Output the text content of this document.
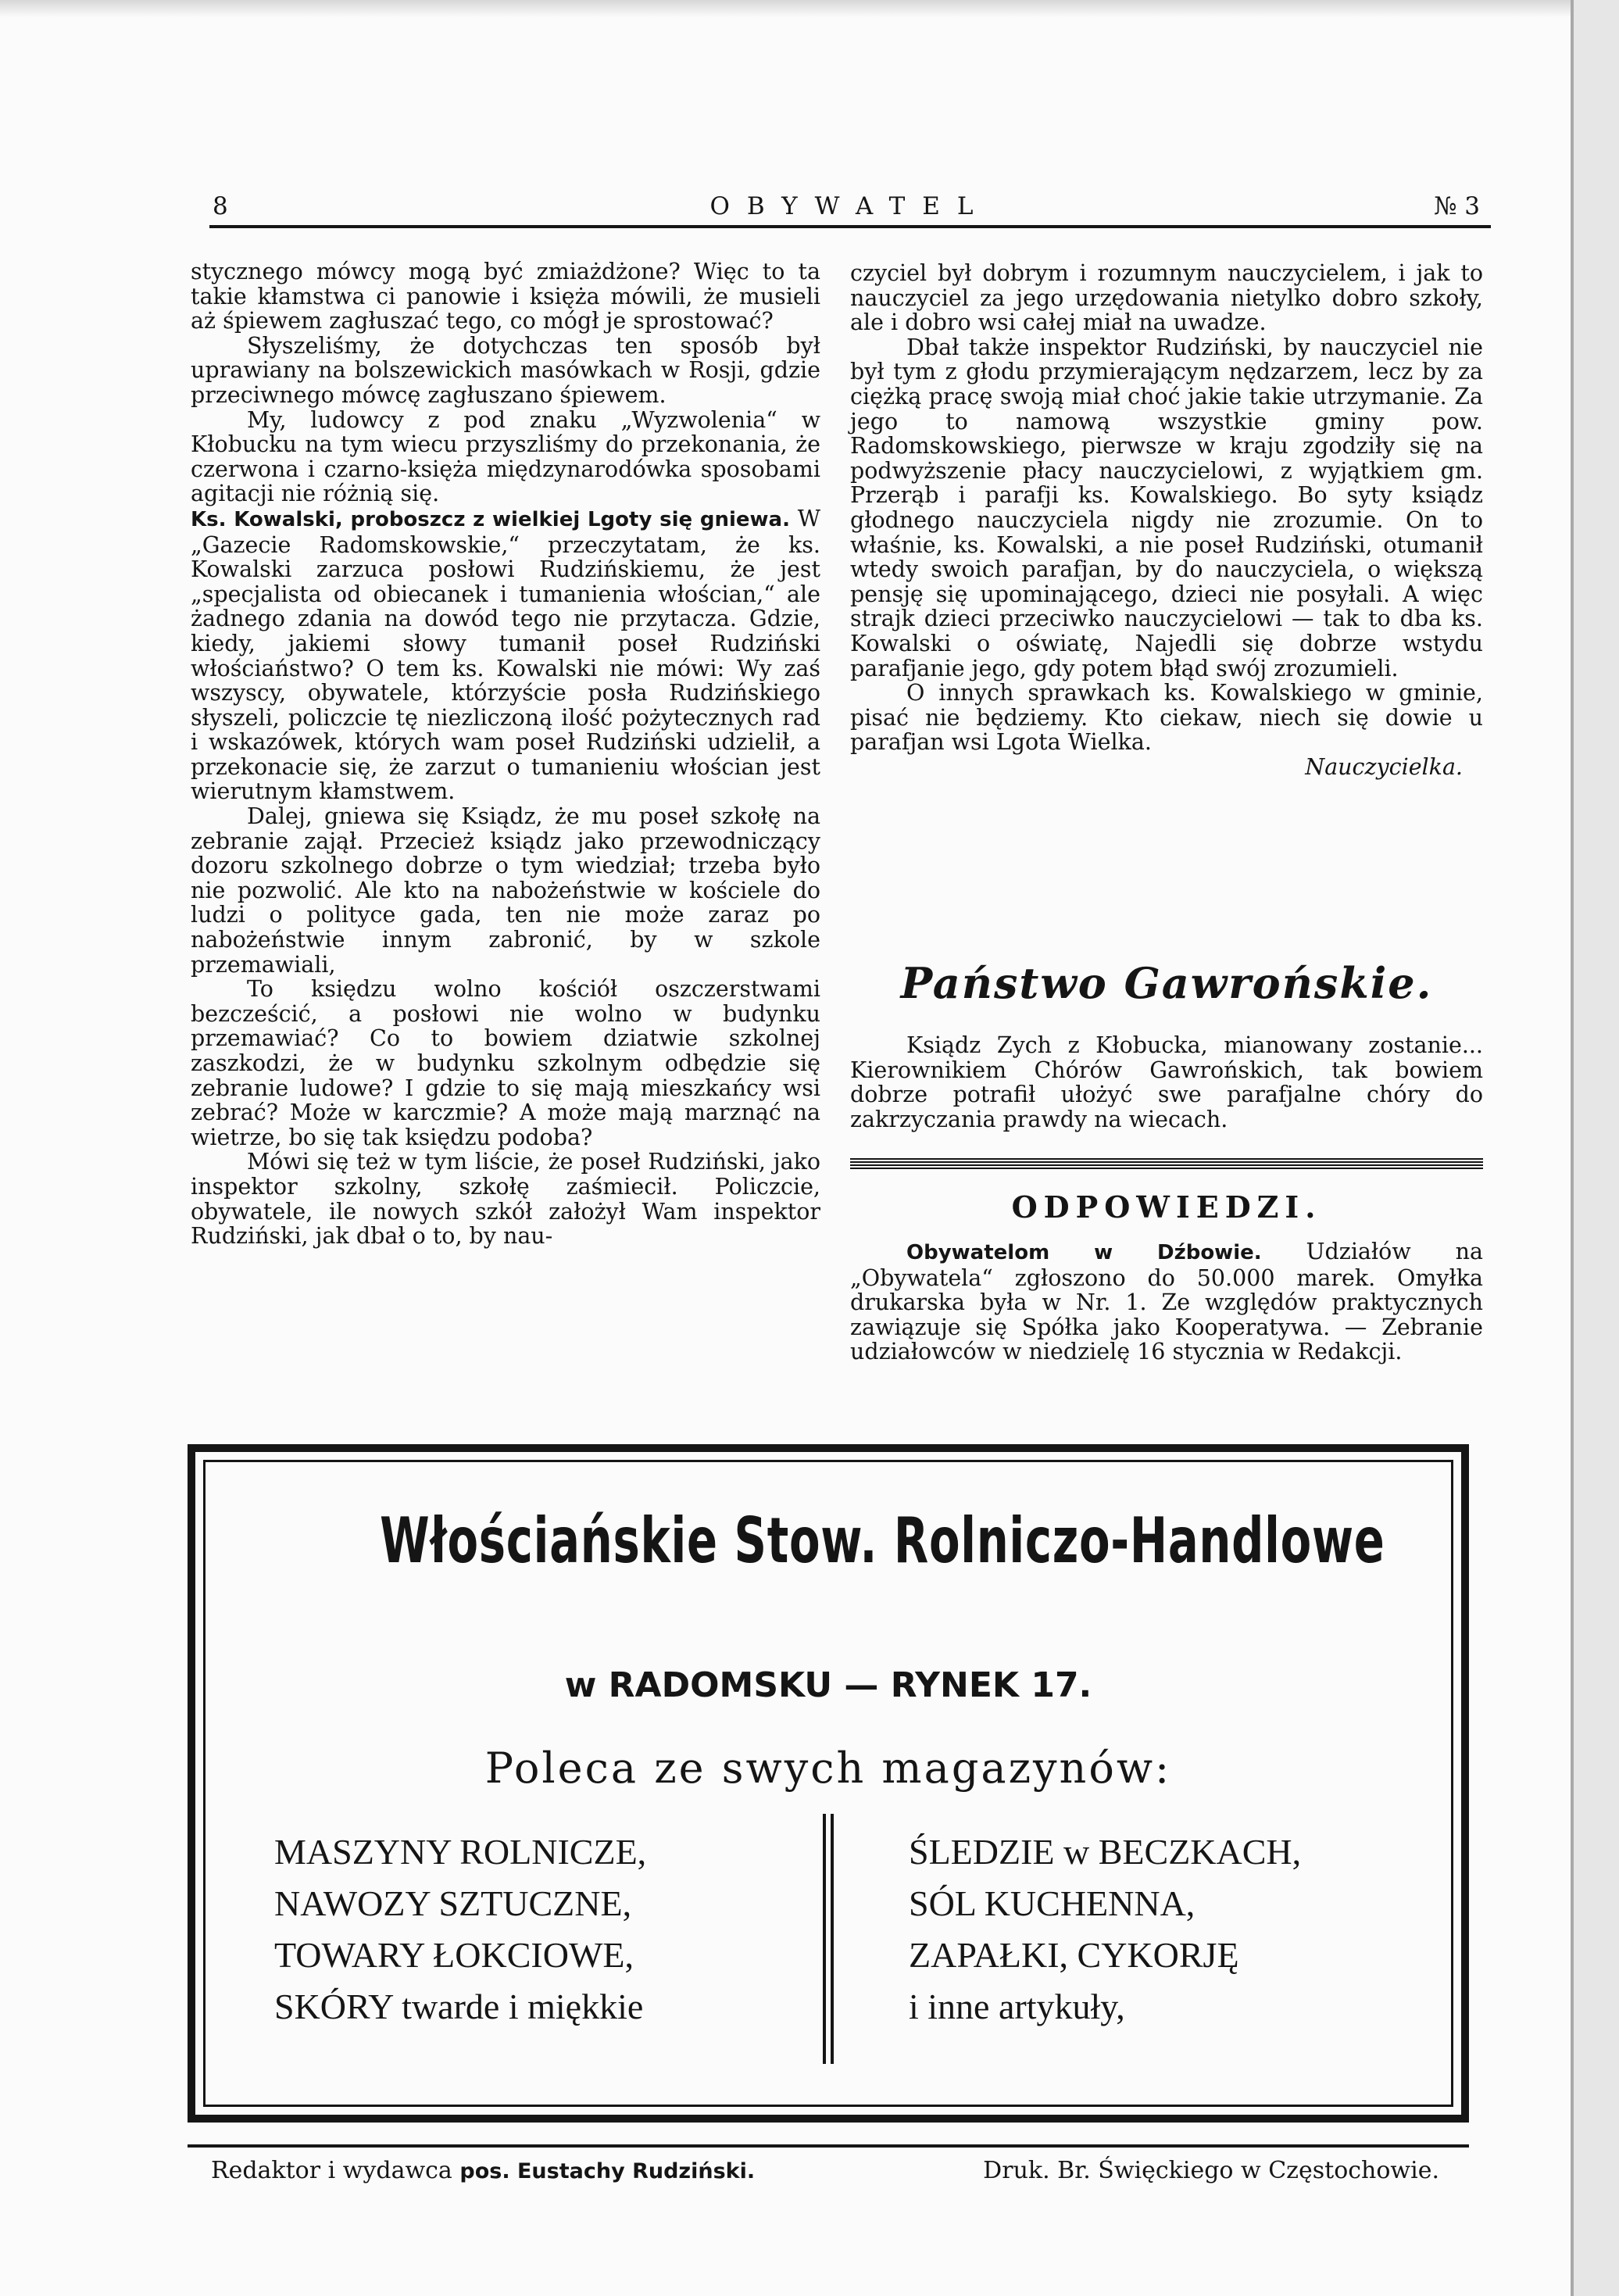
8	OBYWATEL	№ 3

stycznego mówcy mogą być zmiażdżone? Więc to ta takie kłamstwa ci panowie i księża mówili, że musieli aż śpiewem zagłuszać tego, co mógł je sprostować?

Słyszeliśmy, że dotychczas ten sposób był uprawiany na bolszewickich masówkach w Rosji, gdzie przeciwnego mówcę zagłuszano śpiewem.

My, ludowcy z pod znaku „Wyzwolenia“ w Kłobucku na tym wiecu przyszliśmy do przekonania, że czerwona i czarno-księża międzynarodówka sposobami agitacji nie różnią się.

Ks. Kowalski, proboszcz z wielkiej Lgoty się gniewa. W „Gazecie Radomskowskie,“ przeczytatam, że ks. Kowalski zarzuca posłowi Rudzińskiemu, że jest „specjalista od obiecanek i tumanienia włościan,“ ale żadnego zdania na dowód tego nie przytacza. Gdzie, kiedy, jakiemi słowy tumanił poseł Rudziński włościaństwo? O tem ks. Kowalski nie mówi: Wy zaś wszyscy, obywatele, którzyście posła Rudzińskiego słyszeli, policzcie tę niezliczoną ilość pożytecznych rad i wskazówek, których wam poseł Rudziński udzielił, a przekonacie się, że zarzut o tumanieniu włościan jest wierutnym kłamstwem.

Dalej, gniewa się Ksiądz, że mu poseł szkołę na zebranie zajął. Przecież ksiądz jako przewodniczący dozoru szkolnego dobrze o tym wiedział; trzeba było nie pozwolić. Ale kto na nabożeństwie w kościele do ludzi o polityce gada, ten nie może zaraz po nabożeństwie innym zabronić, by w szkole przemawiali,

To księdzu wolno kościół oszczerstwami bezcześcić, a posłowi nie wolno w budynku przemawiać? Co to bowiem dziatwie szkolnej zaszkodzi, że w budynku szkolnym odbędzie się zebranie ludowe? I gdzie to się mają mieszkańcy wsi zebrać? Może w karczmie? A może mają marznąć na wietrze, bo się tak księdzu podoba?

Mówi się też w tym liście, że poseł Rudziński, jako inspektor szkolny, szkołę zaśmiecił. Policzcie, obywatele, ile nowych szkół założył Wam inspektor Rudziński, jak dbał o to, by nau-

czyciel był dobrym i rozumnym nauczycielem, i jak to nauczyciel za jego urzędowania nietylko dobro szkoły, ale i dobro wsi całej miał na uwadze.

Dbał także inspektor Rudziński, by nauczyciel nie był tym z głodu przymierającym nędzarzem, lecz by za ciężką pracę swoją miał choć jakie takie utrzymanie. Za jego to namową wszystkie gminy pow. Radomskowskiego, pierwsze w kraju zgodziły się na podwyższenie płacy nauczycielowi, z wyjątkiem gm. Przerąb i parafji ks. Kowalskiego. Bo syty ksiądz głodnego nauczyciela nigdy nie zrozumie. On to właśnie, ks. Kowalski, a nie poseł Rudziński, otumanił wtedy swoich parafjan, by do nauczyciela, o większą pensję się upominającego, dzieci nie posyłali. A więc strajk dzieci przeciwko nauczycielowi — tak to dba ks. Kowalski o oświatę, Najedli się dobrze wstydu parafjanie jego, gdy potem błąd swój zrozumieli.

O innych sprawkach ks. Kowalskiego w gminie, pisać nie będziemy. Kto ciekaw, niech się dowie u parafjan wsi Lgota Wielka.

Nauczycielka.

Państwo Gawrońskie.

Ksiądz Zych z Kłobucka, mianowany zostanie... Kierownikiem Chórów Gawrońskich, tak bowiem dobrze potrafił ułożyć swe parafjalne chóry do zakrzyczania prawdy na wiecach.

ODPOWIEDZI.

Obywatelom w Dźbowie. Udziałów na „Obywatela“ zgłoszono do 50.000 marek. Omyłka drukarska była w Nr. 1. Ze względów praktycznych zawiązuje się Spółka jako Kooperatywa. — Zebranie udziałowców w niedzielę 16 stycznia w Redakcji.

Włościańskie Stow. Rolniczo-Handlowe
w RADOMSKU — RYNEK 17.
Poleca ze swych magazynów:
MASZYNY ROLNICZE,
NAWOZY SZTUCZNE,
TOWARY ŁOKCIOWE,
SKÓRY twarde i miękkie
ŚLEDZIE w BECZKACH,
SÓL KUCHENNA,
ZAPAŁKI, CYKORJĘ
i inne artykuły,
Redaktor i wydawca pos. Eustachy Rudziński.	Druk. Br. Święckiego w Częstochowie.
